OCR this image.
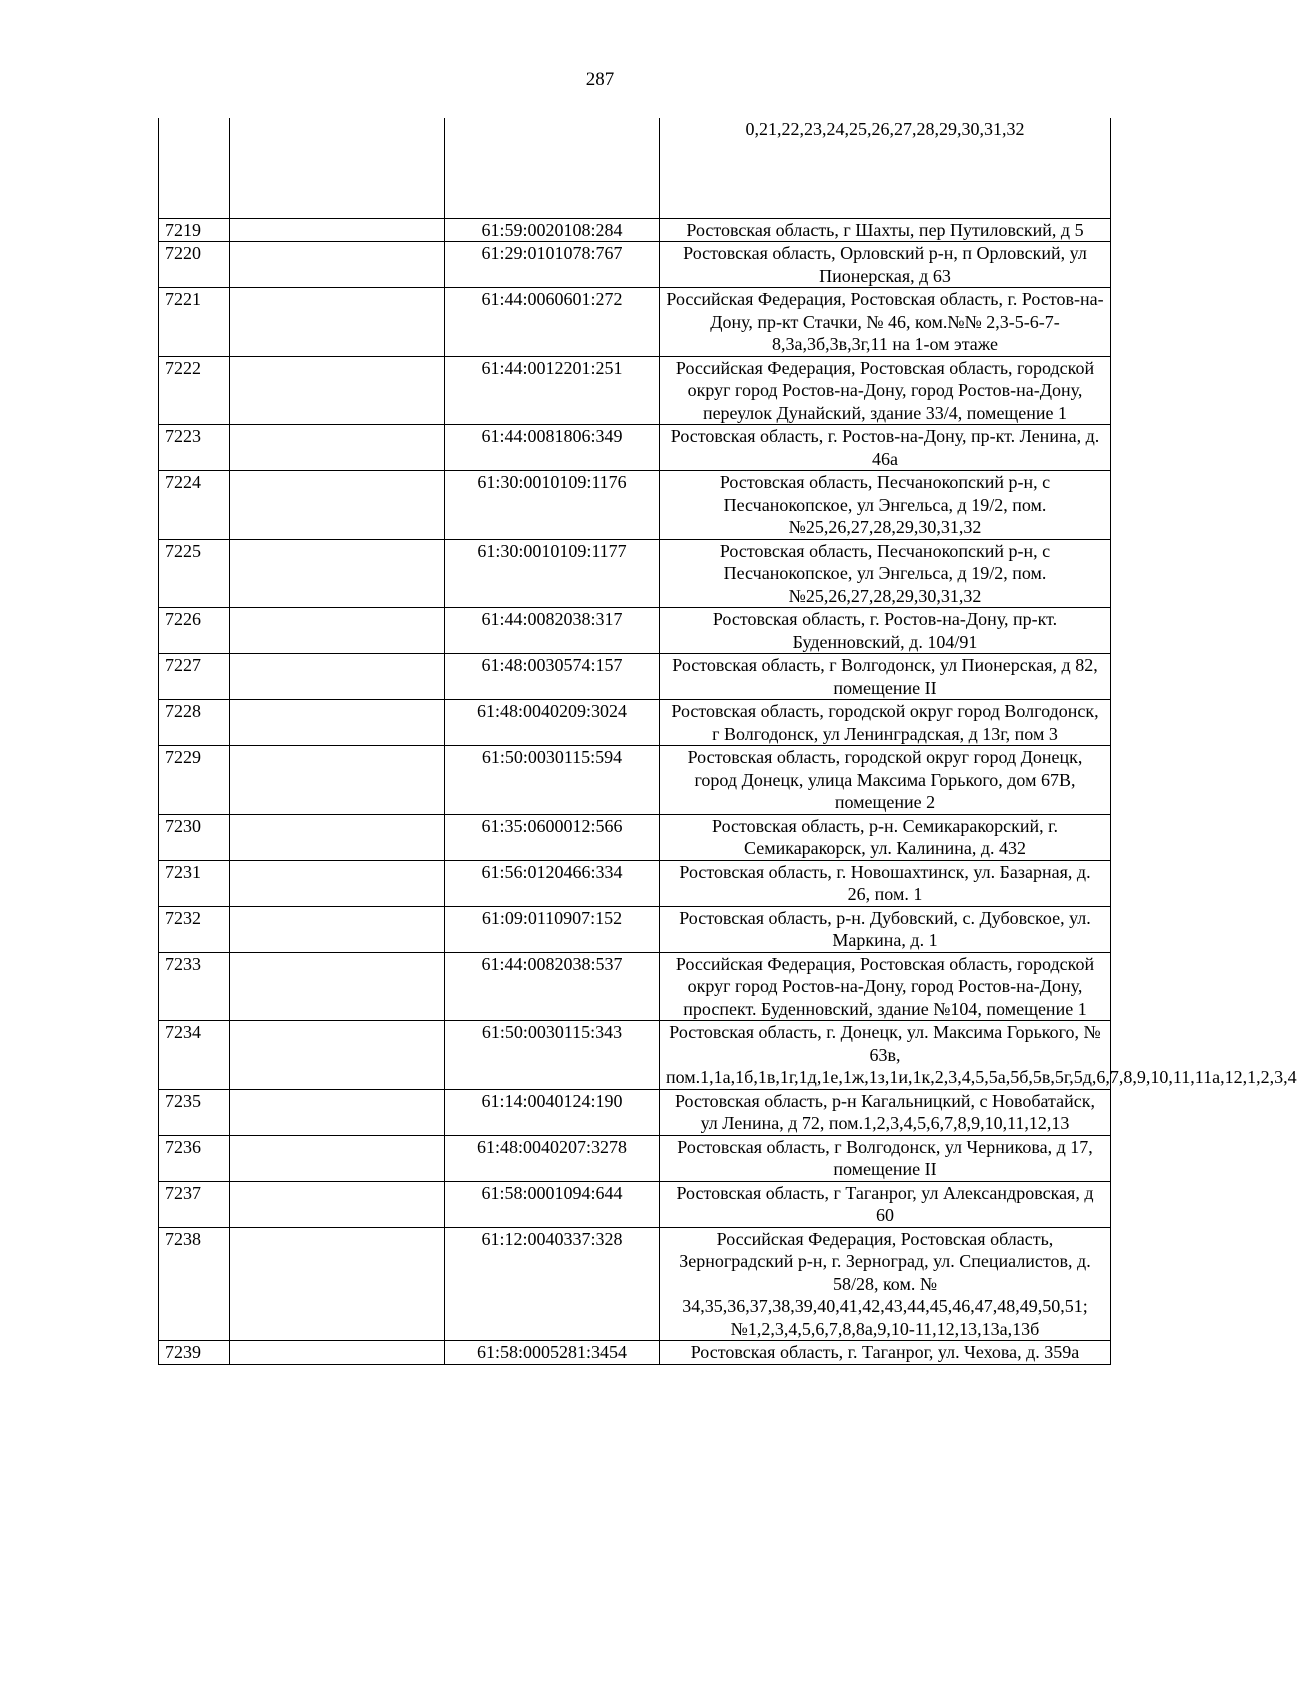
287
			0,21,22,23,24,25,26,27,28,29,30,31,32
7219		61:59:0020108:284	Ростовская область, г Шахты, пер Путиловский, д 5
7220		61:29:0101078:767	Ростовская область, Орловский р-н, п Орловский, ул Пионерская, д 63
7221		61:44:0060601:272	Российская Федерация, Ростовская область, г. Ростов-на-Дону, пр-кт Стачки, № 46, ком.№№ 2,3-5-6-7-8,3а,3б,3в,3г,11 на 1-ом этаже
7222		61:44:0012201:251	Российская Федерация, Ростовская область, городской округ город Ростов-на-Дону, город Ростов-на-Дону, переулок Дунайский, здание 33/4, помещение 1
7223		61:44:0081806:349	Ростовская область, г. Ростов-на-Дону, пр-кт. Ленина, д. 46а
7224		61:30:0010109:1176	Ростовская область, Песчанокопский р-н, с Песчанокопское, ул Энгельса, д 19/2, пом. №25,26,27,28,29,30,31,32
7225		61:30:0010109:1177	Ростовская область, Песчанокопский р-н, с Песчанокопское, ул Энгельса, д 19/2, пом. №25,26,27,28,29,30,31,32
7226		61:44:0082038:317	Ростовская область, г. Ростов-на-Дону, пр-кт. Буденновский, д. 104/91
7227		61:48:0030574:157	Ростовская область, г Волгодонск, ул Пионерская, д 82, помещение II
7228		61:48:0040209:3024	Ростовская область, городской округ город Волгодонск, г Волгодонск, ул Ленинградская, д 13г, пом 3
7229		61:50:0030115:594	Ростовская область, городской округ город Донецк, город Донецк, улица Максима Горького, дом 67В, помещение 2
7230		61:35:0600012:566	Ростовская область, р-н. Семикаракорский, г. Семикаракорск, ул. Калинина, д. 432
7231		61:56:0120466:334	Ростовская область, г. Новошахтинск, ул. Базарная, д. 26, пом. 1
7232		61:09:0110907:152	Ростовская область, р-н. Дубовский, с. Дубовское, ул. Маркина, д. 1
7233		61:44:0082038:537	Российская Федерация, Ростовская область, городской округ город Ростов-на-Дону, город Ростов-на-Дону, проспект. Буденновский, здание №104, помещение 1
7234		61:50:0030115:343	Ростовская область, г. Донецк, ул. Максима Горького, № 63в, пом.1,1а,1б,1в,1г,1д,1е,1ж,1з,1и,1к,2,3,4,5,5а,5б,5в,5г,5д,6,7,8,9,10,11,11а,12,1,2,3,4
7235		61:14:0040124:190	Ростовская область, р-н Кагальницкий, с Новобатайск, ул Ленина, д 72, пом.1,2,3,4,5,6,7,8,9,10,11,12,13
7236		61:48:0040207:3278	Ростовская область, г Волгодонск, ул Черникова, д 17, помещение II
7237		61:58:0001094:644	Ростовская область, г Таганрог, ул Александровская, д 60
7238		61:12:0040337:328	Российская Федерация, Ростовская область, Зерноградский р-н, г. Зерноград, ул. Специалистов, д. 58/28, ком. № 34,35,36,37,38,39,40,41,42,43,44,45,46,47,48,49,50,51; №1,2,3,4,5,6,7,8,8а,9,10-11,12,13,13а,13б
7239		61:58:0005281:3454	Ростовская область, г. Таганрог, ул. Чехова, д. 359а
